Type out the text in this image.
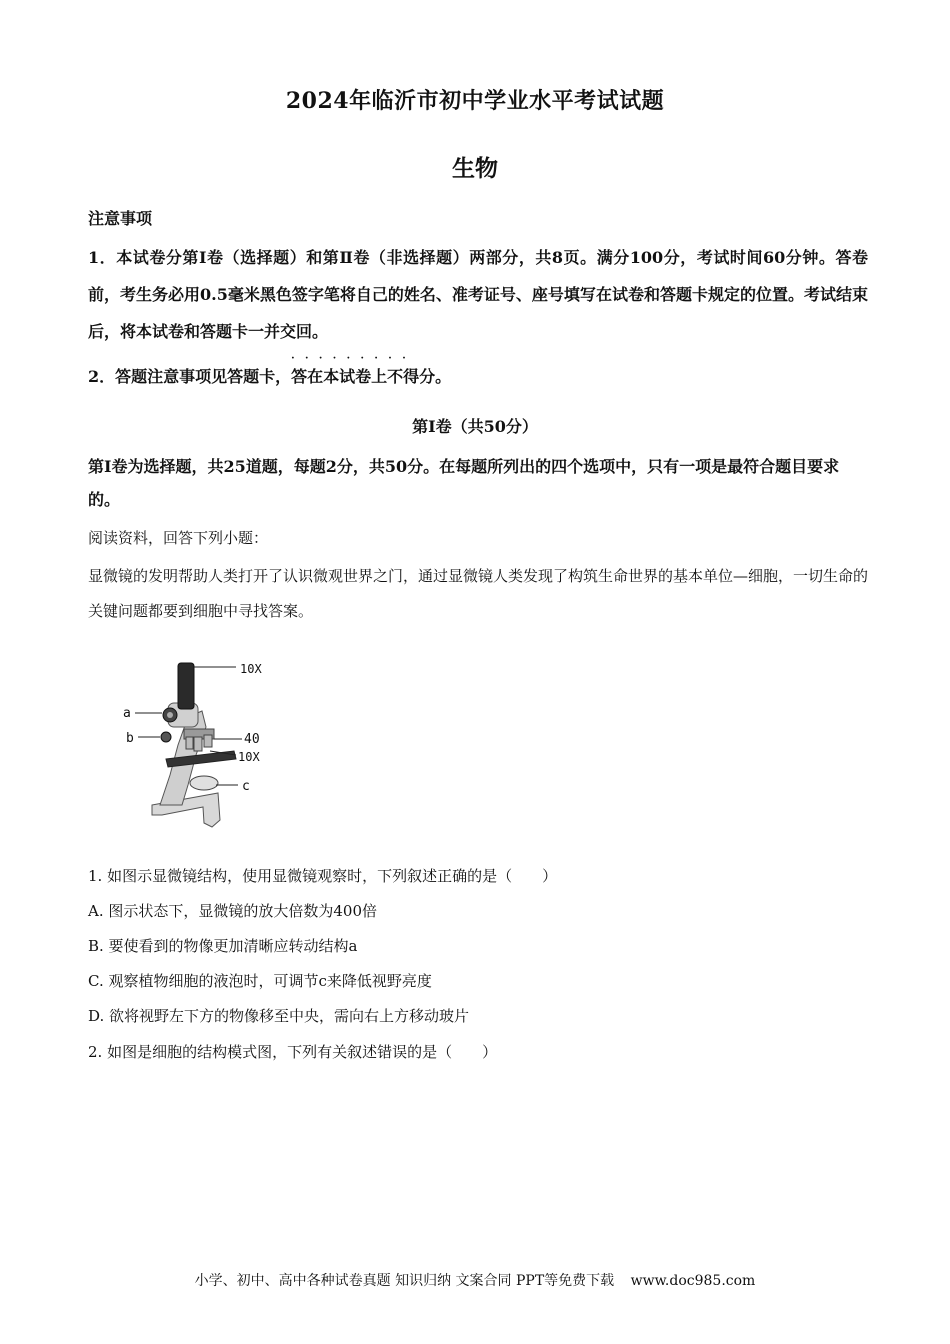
2024年临沂市初中学业水平考试试题
生物
注意事项
1．本试卷分第Ⅰ卷（选择题）和第Ⅱ卷（非选择题）两部分，共8页。满分100分，考试时间60分钟。答卷前，考生务必用0.5毫米黑色签字笔将自己的姓名、准考证号、座号填写在试卷和答题卡规定的位置。考试结束后，将本试卷和答题卡一并交回。
2．答题注意事项见答题卡，
·········
答在本试卷上不得分。
第Ⅰ卷（共50分）
第Ⅰ卷为选择题，共25道题，每题2分，共50分。在每题所列出的四个选项中，只有一项是最符合题目要求的。
阅读资料，回答下列小题：
显微镜的发明帮助人类打开了认识微观世界之门，通过显微镜人类发现了构筑生命世界的基本单位—细胞，一切生命的关键问题都要到细胞中寻找答案。
10X
a
b	40
10X
c
1. 如图示显微镜结构，使用显微镜观察时，下列叙述正确的是（　　）
A. 图示状态下，显微镜的放大倍数为400倍
B. 要使看到的物像更加清晰应转动结构a
C. 观察植物细胞的液泡时，可调节c来降低视野亮度
D. 欲将视野左下方的物像移至中央，需向右上方移动玻片
2. 如图是细胞的结构模式图，下列有关叙述错误的是（　　）
小学、初中、高中各种试卷真题 知识归纳 文案合同 PPT等免费下载 www.doc985.com
